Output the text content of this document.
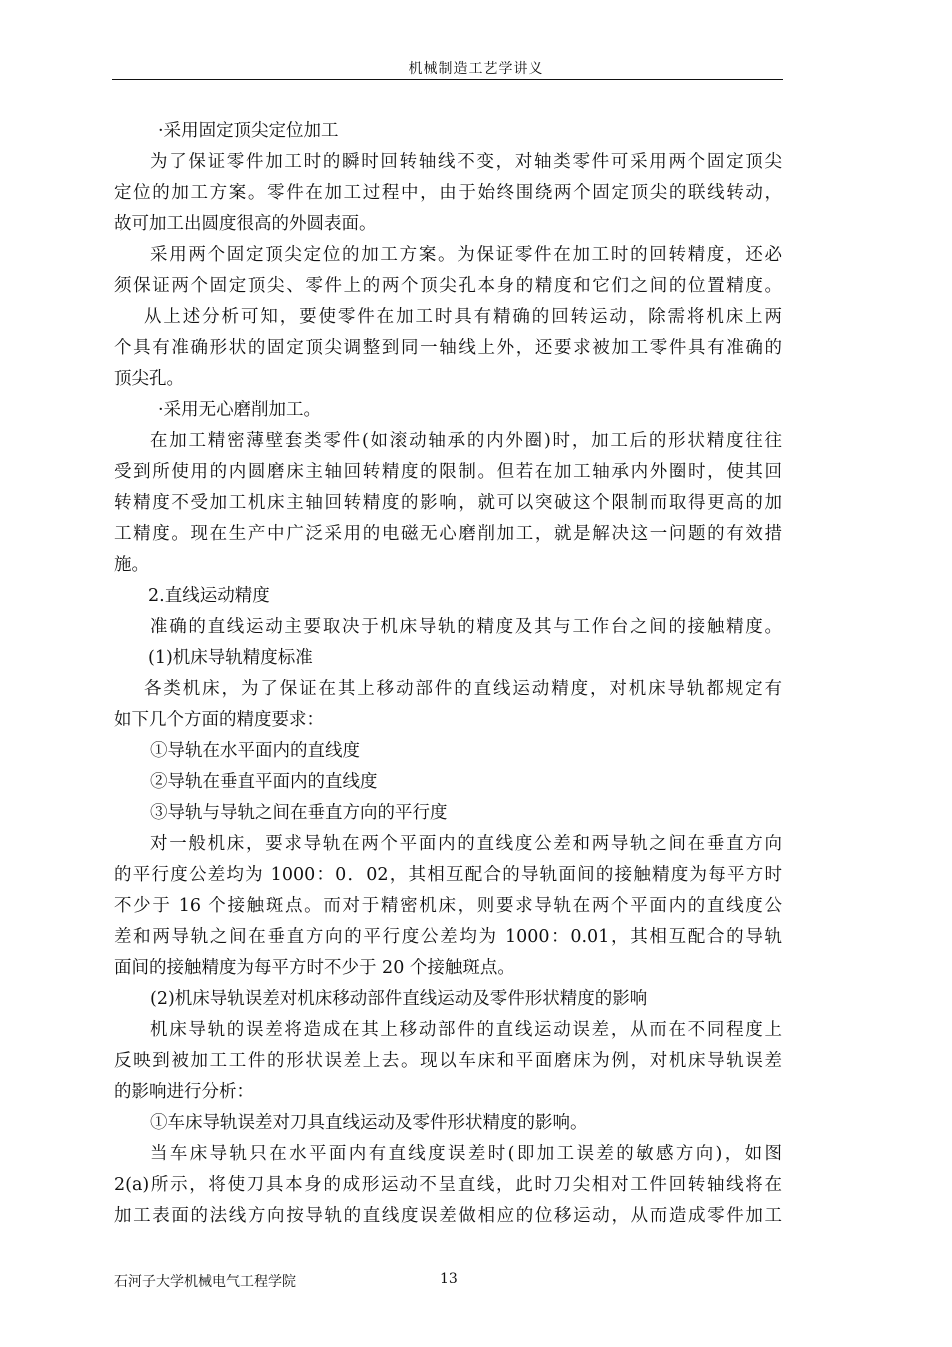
机械制造工艺学讲义
·采用固定顶尖定位加工
为了保证零件加工时的瞬时回转轴线不变，对轴类零件可采用两个固定顶尖
定位的加工方案。零件在加工过程中，由于始终围绕两个固定顶尖的联线转动，
故可加工出圆度很高的外圆表面。
采用两个固定顶尖定位的加工方案。为保证零件在加工时的回转精度，还必
须保证两个固定顶尖、零件上的两个顶尖孔本身的精度和它们之间的位置精度。
从上述分析可知，要使零件在加工时具有精确的回转运动，除需将机床上两
个具有准确形状的固定顶尖调整到同一轴线上外，还要求被加工零件具有准确的
顶尖孔。
·采用无心磨削加工。
在加工精密薄壁套类零件(如滚动轴承的内外圈)时，加工后的形状精度往往
受到所使用的内圆磨床主轴回转精度的限制。但若在加工轴承内外圈时，使其回
转精度不受加工机床主轴回转精度的影响，就可以突破这个限制而取得更高的加
工精度。现在生产中广泛采用的电磁无心磨削加工，就是解决这一问题的有效措
施。
2.直线运动精度
准确的直线运动主要取决于机床导轨的精度及其与工作台之间的接触精度。
(1)机床导轨精度标准
各类机床，为了保证在其上移动部件的直线运动精度，对机床导轨都规定有
如下几个方面的精度要求：
①导轨在水平面内的直线度
②导轨在垂直平面内的直线度
③导轨与导轨之间在垂直方向的平行度
对一般机床，要求导轨在两个平面内的直线度公差和两导轨之间在垂直方向
的平行度公差均为 1000：0．02，其相互配合的导轨面间的接触精度为每平方时
不少于 16 个接触斑点。而对于精密机床，则要求导轨在两个平面内的直线度公
差和两导轨之间在垂直方向的平行度公差均为 1000：0.01，其相互配合的导轨
面间的接触精度为每平方时不少于 20 个接触斑点。
(2)机床导轨误差对机床移动部件直线运动及零件形状精度的影响
机床导轨的误差将造成在其上移动部件的直线运动误差，从而在不同程度上
反映到被加工工件的形状误差上去。现以车床和平面磨床为例，对机床导轨误差
的影响进行分析：
①车床导轨误差对刀具直线运动及零件形状精度的影响。
当车床导轨只在水平面内有直线度误差时(即加工误差的敏感方向)，如图
2(a)所示，将使刀具本身的成形运动不呈直线，此时刀尖相对工件回转轴线将在
加工表面的法线方向按导轨的直线度误差做相应的位移运动，从而造成零件加工
石河子大学机械电气工程学院	13
